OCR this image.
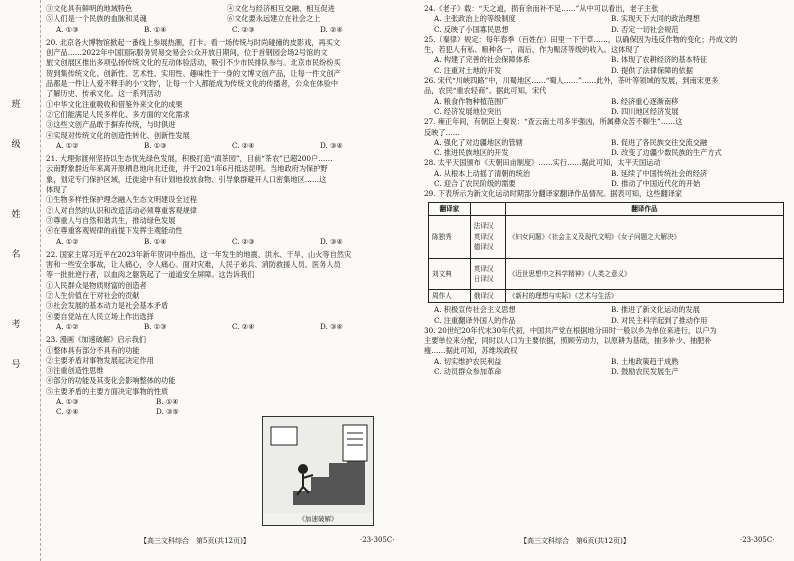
班
级
姓
名
考
号
③文化具有鲜明的地域特色	④文化与经济相互交融、相互促进
⑤人们是一个民族的血脉和灵魂	⑥文化要永远建立在社会之上
A. ①③	B. ①④	C. ②③	D. ②④

20. 北京各大博物馆掀起一番线上参展热潮，打卡。看一场传统与时尚碰撞的皮影戏，再买文

创产品……2022年中国国际服务贸易交易会公众开放日期间，位于首钢园会场2号馆的文

旅文创展区推出多项弘扬传统文化的互动体验活动，吸引不少市民排队参与。北京市民纷纷买

贺到集传统文化、创新性、艺术性、实用性、趣味性于一身的文博文创产品，让每一件文创产

品都是一件让人爱不释手的小‘文物’，让每一个人都能成为传统文化的传播者，公众在体验中

了解历史、传承文化。这一系列活动

①中华文化注重吸收和借鉴外来文化的成果

②它们能满足人民多样化、多方面的文化需求

③这些文创产品敢于摒弃传统，与时俱进

④实现对传统文化的创造性转化、创新性发展

A. ①②	B. ①③	C. ②④	D. ③④

21. 大理弥渡州坚持以生态优先绿色发展，积极打造“滇茶园”，目前“茶农”已超200户……

云南野象群近年来离开原栖息地向北迁徙，并于2021年6月抵达昆明。当地政府为保护野

象，划定专门保护区域，迁徙途中有计划地投放食物、引导象群避开人口密集地区……这

体现了

①生物多样性保护理念融入生态文明建设全过程

②人对自然的认识和改造活动必须尊重客观规律

③尊重人与自然和谐共生，推动绿色发展

④在尊重客观规律的前提下发挥主观能动性

A. ①②	B. ①④	C. ②③	D. ③④

22. 国家主席习近平在2023年新年贺词中指出，这一年发生的地震、洪水、干旱、山火等自然灾

害和一些安全事故，让人痛心，令人痛心。面对灾难，人民子弟兵、消防救援人员、医务人员

等一批批逆行者，以血肉之躯筑起了一道道安全屏障。这告诉我们

①人民群众是物质财富的创造者

②人生价值在于对社会的贡献

③社会发展的基本动力是社会基本矛盾

④要自觉站在人民立场上作出选择

A. ①②	B. ①③	C. ②④	D. ③④

23. 漫画《加速破解》启示我们

①整体具有部分不具有的功能

②主要矛盾对事物发展起决定作用

③注重创造性思维

④部分的功能及其变化会影响整体的功能

⑤主要矛盾的主要方面决定事物的性质

A. ①③	B. ①④
C. ②④	D. ③⑤
《加速破解》
【高三文科综合　第5页(共12页)】	·23-305C·

24.《老子》载：“天之道，损有余而补不足……”从中可以看出，老子主张

A. 主张政治上的等级制度	B. 实现天下大同的政治理想
C. 反映了小国寡民思想	D. 否定一切社会规范

25.（秦律）规定：每年春季（百姓在）田里一下干草……，以确保因为违反作物的变化；丹成文的

生，若犯人有私、粮种各一，雨后，作为赈济等级的收入。这体现了

A. 构建了完善的社会保障体系	B. 体现了农耕经济的基本特征
C. 注重对土地的开发	D. 提供了法律保障的依据

26. 宋代“川峡四路”中，川蜀地区……“蜀人……”……此外，茶叶等领域的发展，到南宋更多

品，农民“重农轻商”。据此可知，宋代

A. 粮食作物种植范围广	B. 经济重心逐渐南移
C. 经济发展地位突出	D. 四川地区经济发展

27. 雍正年间，有朝臣上奏说：“查云南土司多半强凶，所属彝众苦不聊生”……这

反映了……

A. 强化了对边疆地区的管辖	B. 促进了各民族交往交流交融
C. 推进民族地区的开发	D. 改变了边疆少数民族的生产方式

28. 太平天国颁布《天朝田亩制度》……实行……据此可知，太平天国运动

A. 从根本上动摇了清朝的统治	B. 延续了中国传统社会的经济
C. 迎合了农民阶级的需要	D. 推动了中国近代化的开始

29. 下表所示为新文化运动时期部分翻译家翻译作品情况。据表可知，这些翻译家

翻译家		翻译作品
陈独秀	法译汉 英译汉 德译汉	《妇女问题》《社会主义及现代文明》《女子问题之大解决》
刘文典	英译汉 日译汉	《近世思想中之科学精神》《人类之意义》
周作人	俄译汉	《新村的理想与实际》《艺术与生活》
A. 积极宣传社会主义思想	B. 推进了新文化运动的发展
C. 注重翻译外国人的作品	D. 对民主科学起到了推动作用

30. 20世纪20年代末30年代初，中国共产党在根据地分田时一般以乡为单位来进行，以户为

主要单位来分配，同时以人口为主要依据，照顾劳动力，以原耕为基础，抽多补少、抽肥补

瘦……据此可知，苏维埃政权

A. 切实维护农民利益	B. 土地政策趋于成熟
C. 动员群众参加革命	D. 鼓励农民发展生产
【高三文科综合　第6页(共12页)】	·23-305C·
